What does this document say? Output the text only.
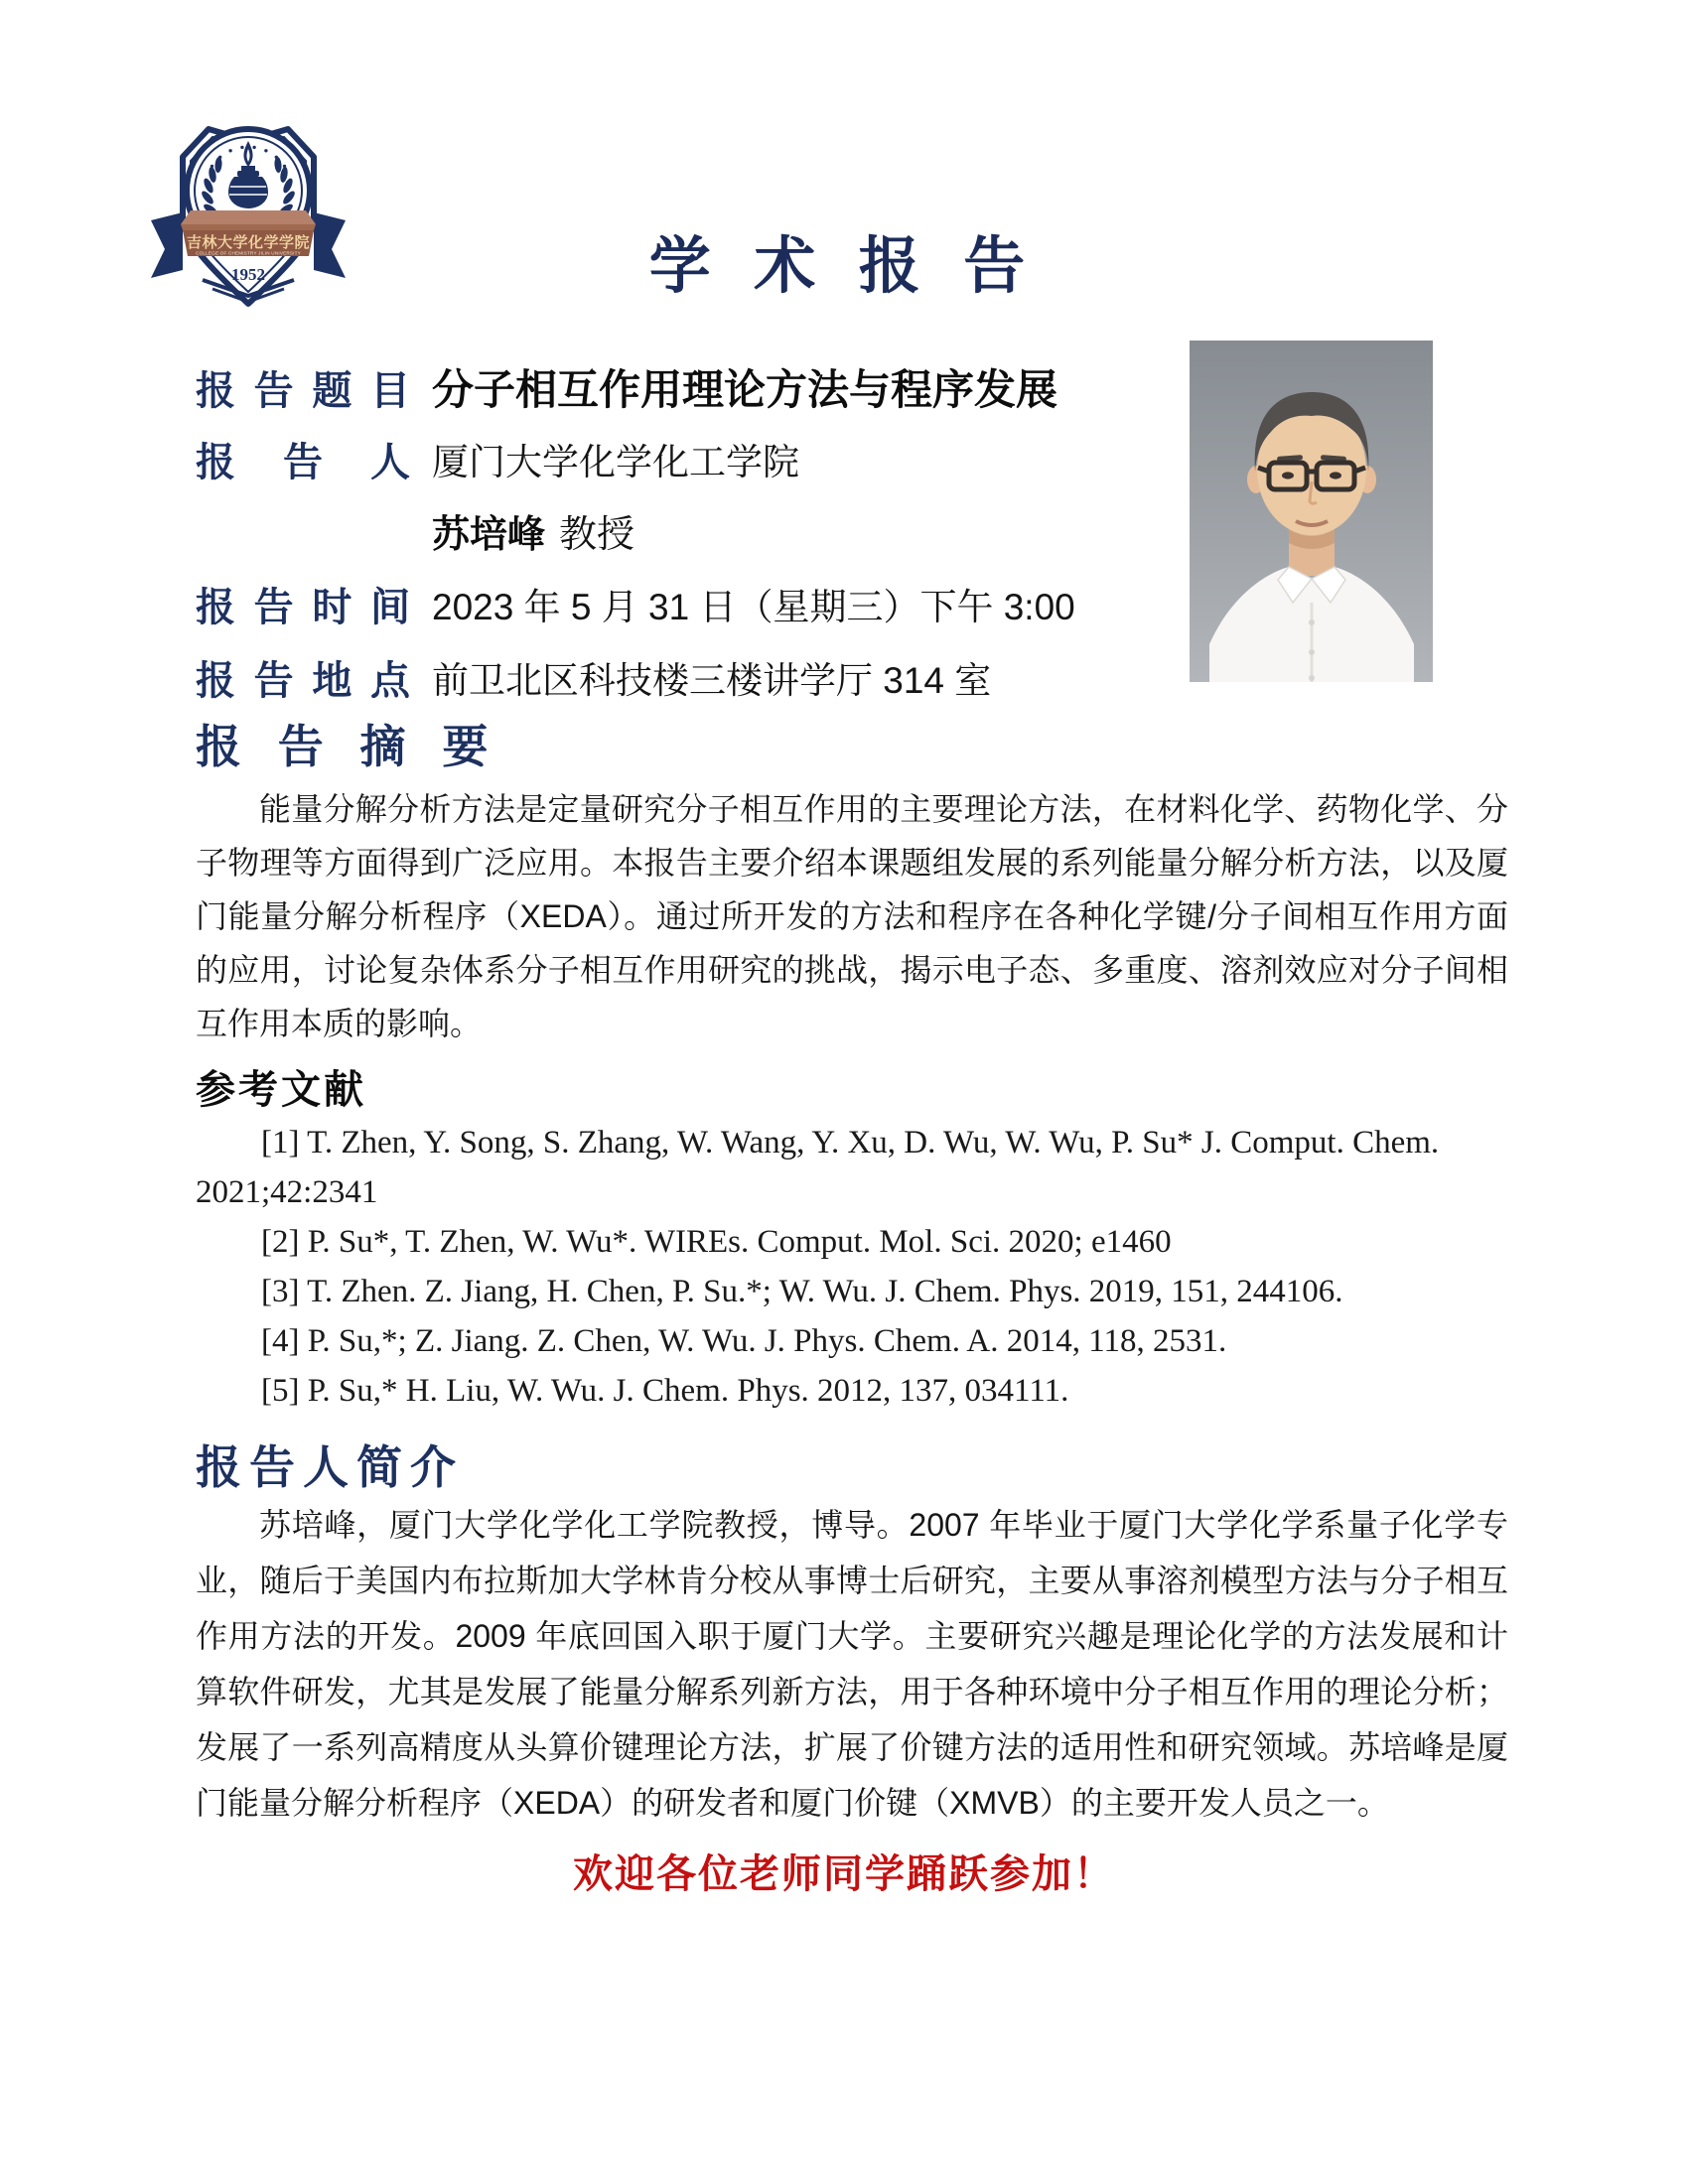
吉林大学化学学院
COLLEGE OF CHEMISTRY JILIN UNIVERSITY
1952	学 术 报 告
报告题目 分子相互作用理论方法与程序发展
报告人 厦门大学化学化工学院
苏培峰 教授
报告时间 2023 年 5 月 31 日（星期三）下午 3:00
报告地点 前卫北区科技楼三楼讲学厅 314 室
报 告 摘 要

能量分解分析方法是定量研究分子相互作用的主要理论方法，在材料化学、药物化学、分子物理等方面得到广泛应用。本报告主要介绍本课题组发展的系列能量分解分析方法，以及厦门能量分解分析程序（XEDA）。通过所开发的方法和程序在各种化学键/分子间相互作用方面的应用，讨论复杂体系分子相互作用研究的挑战，揭示电子态、多重度、溶剂效应对分子间相互作用本质的影响。

参考文献

[1] T. Zhen, Y. Song, S. Zhang, W. Wang, Y. Xu, D. Wu, W. Wu, P. Su* J. Comput. Chem. 2021;42:2341

[2] P. Su*, T. Zhen, W. Wu*. WIREs. Comput. Mol. Sci. 2020; e1460

[3] T. Zhen. Z. Jiang, H. Chen, P. Su.*; W. Wu. J. Chem. Phys. 2019, 151, 244106.

[4] P. Su,*; Z. Jiang. Z. Chen, W. Wu. J. Phys. Chem. A. 2014, 118, 2531.

[5] P. Su,* H. Liu, W. Wu. J. Chem. Phys. 2012, 137, 034111.

报告人简介

苏培峰，厦门大学化学化工学院教授，博导。2007 年毕业于厦门大学化学系量子化学专业，随后于美国内布拉斯加大学林肯分校从事博士后研究，主要从事溶剂模型方法与分子相互作用方法的开发。2009 年底回国入职于厦门大学。主要研究兴趣是理论化学的方法发展和计算软件研发，尤其是发展了能量分解系列新方法，用于各种环境中分子相互作用的理论分析；发展了一系列高精度从头算价键理论方法，扩展了价键方法的适用性和研究领域。苏培峰是厦门能量分解分析程序（XEDA）的研发者和厦门价键（XMVB）的主要开发人员之一。

欢迎各位老师同学踊跃参加！
